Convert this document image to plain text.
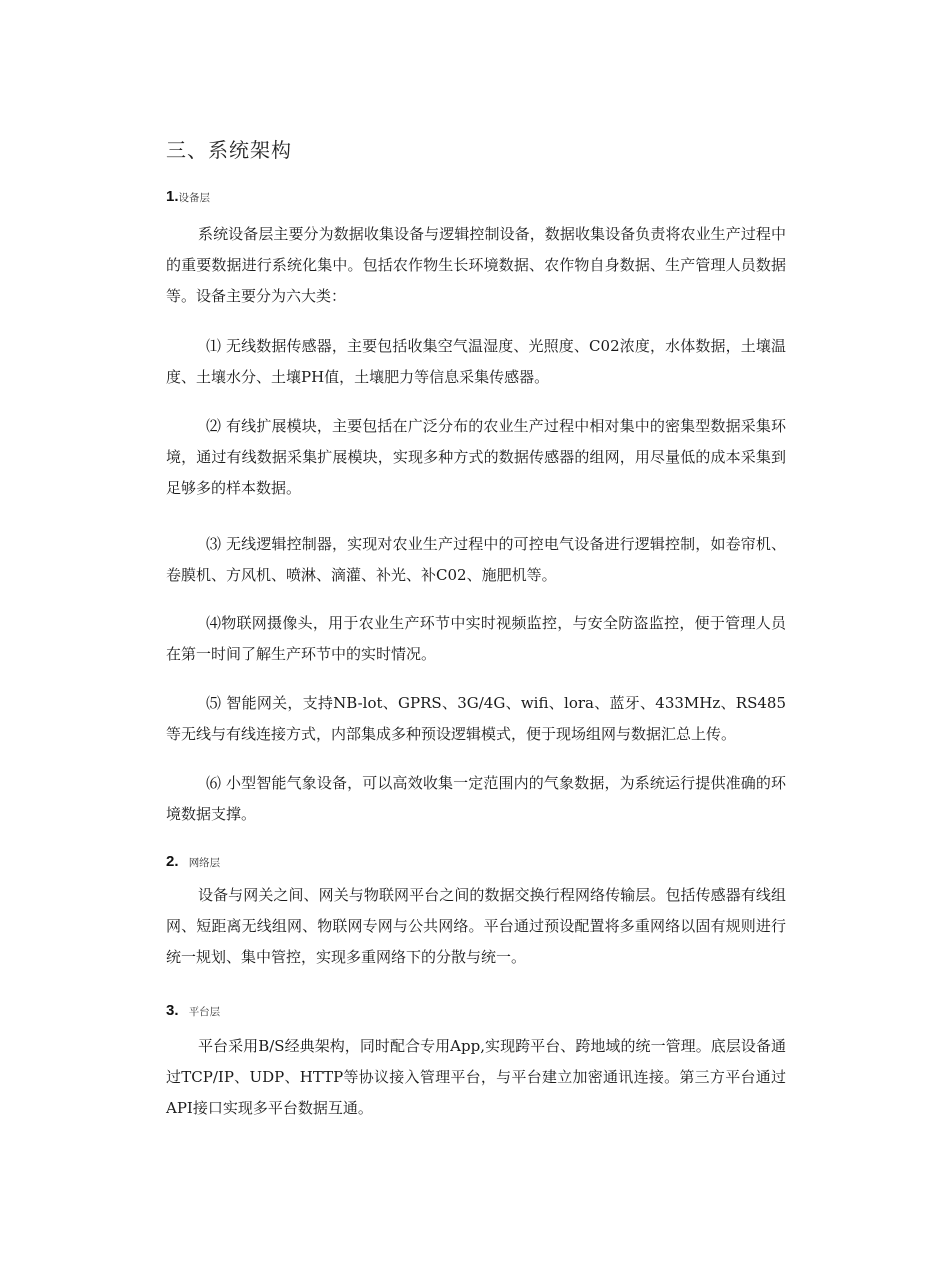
三、系统架构
1.设备层

系统设备层主要分为数据收集设备与逻辑控制设备，数据收集设备负责将农业生产过程中的重要数据进行系统化集中。包括农作物生长环境数据、农作物自身数据、生产管理人员数据等。设备主要分为六大类：

⑴ 无线数据传感器，主要包括收集空气温湿度、光照度、C02浓度，水体数据，土壤温度、土壤水分、土壤PH值，土壤肥力等信息采集传感器。

⑵ 有线扩展模块，主要包括在广泛分布的农业生产过程中相对集中的密集型数据采集环境，通过有线数据采集扩展模块，实现多种方式的数据传感器的组网，用尽量低的成本采集到足够多的样本数据。

⑶ 无线逻辑控制器，实现对农业生产过程中的可控电气设备进行逻辑控制，如卷帘机、卷膜机、方风机、喷淋、滴灌、补光、补C02、施肥机等。

⑷物联网摄像头，用于农业生产环节中实时视频监控，与安全防盗监控，便于管理人员在第一时间了解生产环节中的实时情况。

⑸ 智能网关，支持NB-lot、GPRS、3G/4G、wifi、lora、蓝牙、433MHz、RS485等无线与有线连接方式，内部集成多种预设逻辑模式，便于现场组网与数据汇总上传。

⑹ 小型智能气象设备，可以高效收集一定范围内的气象数据，为系统运行提供准确的环境数据支撑。

2. 网络层

设备与网关之间、网关与物联网平台之间的数据交换行程网络传输层。包括传感器有线组网、短距离无线组网、物联网专网与公共网络。平台通过预设配置将多重网络以固有规则进行统一规划、集中管控，实现多重网络下的分散与统一。

3. 平台层

平台采用B/S经典架构，同时配合专用App,实现跨平台、跨地域的统一管理。底层设备通过TCP/IP、UDP、HTTP等协议接入管理平台，与平台建立加密通讯连接。第三方平台通过API接口实现多平台数据互通。
